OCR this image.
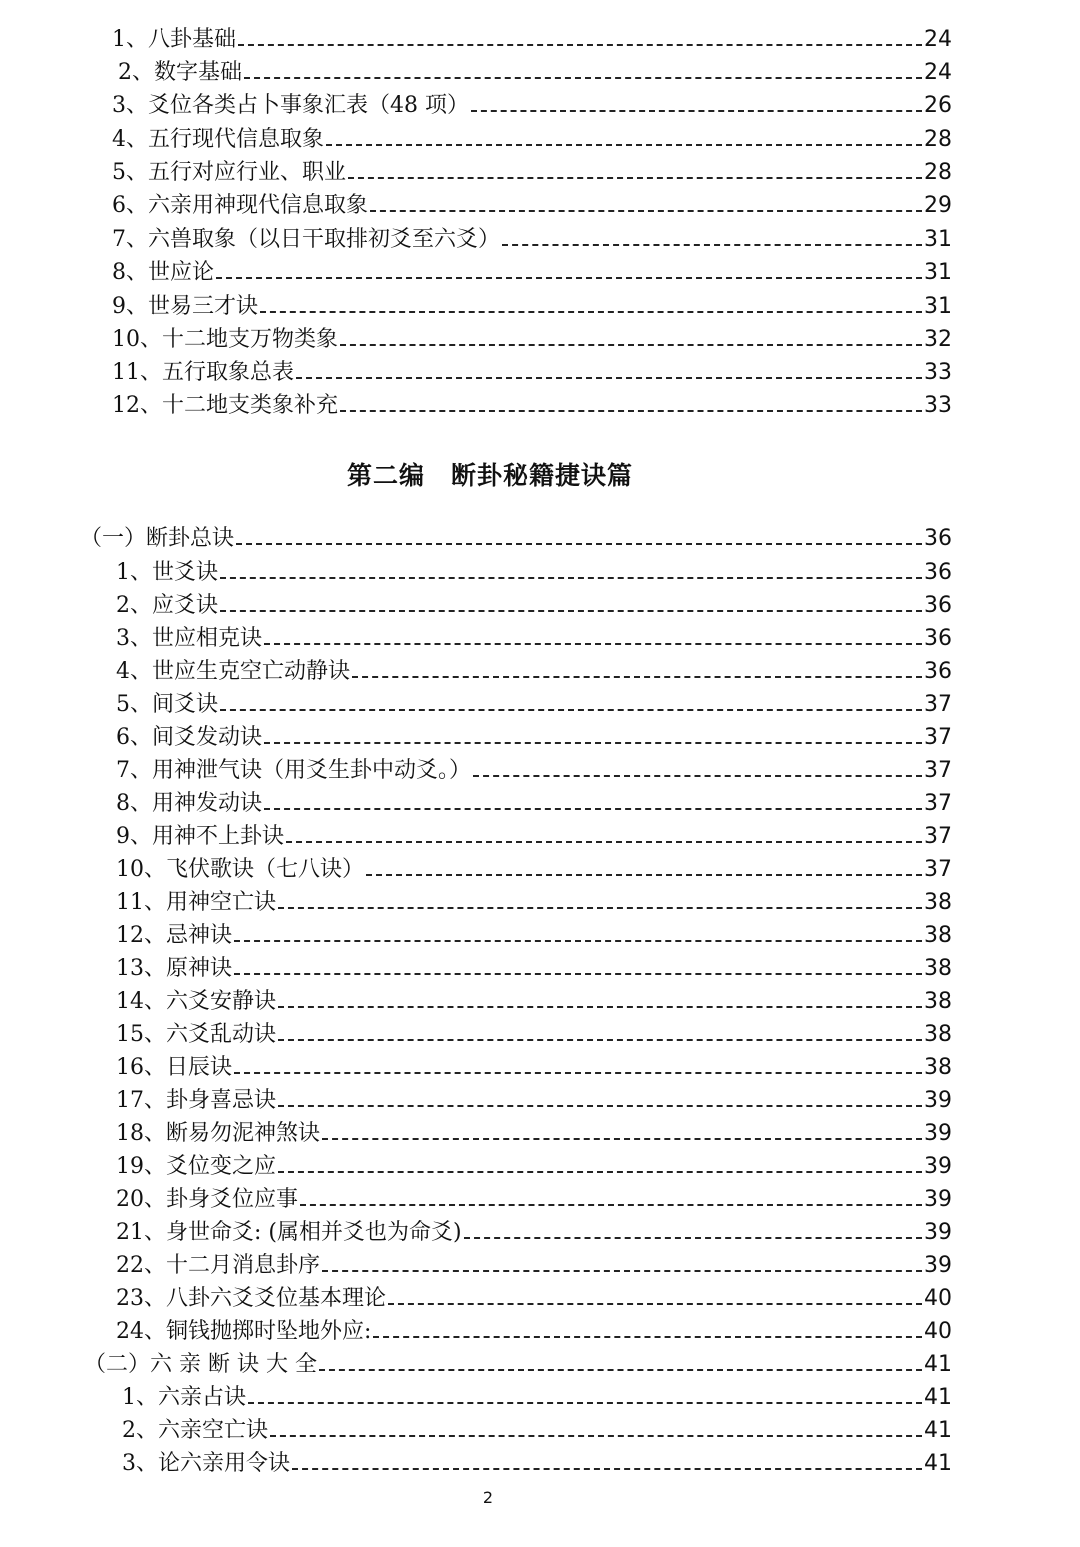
1、八卦基础	24
2、数字基础	24
3、爻位各类占卜事象汇表（48 项）	26
4、五行现代信息取象	28
5、五行对应行业、职业	28
6、六亲用神现代信息取象	29
7、六兽取象（以日干取排初爻至六爻）	31
8、世应论	31
9、世易三才诀	31
10、十二地支万物类象	32
11、五行取象总表	33
12、十二地支类象补充	33
第二编　断卦秘籍捷诀篇
（一）断卦总诀	36
1、世爻诀	36
2、应爻诀	36
3、世应相克诀	36
4、世应生克空亡动静诀	36
5、间爻诀	37
6、间爻发动诀	37
7、用神泄气诀（用爻生卦中动爻。）	37
8、用神发动诀	37
9、用神不上卦诀	37
10、飞伏歌诀（七八诀）	37
11、用神空亡诀	38
12、忌神诀	38
13、原神诀	38
14、六爻安静诀	38
15、六爻乱动诀	38
16、日辰诀	38
17、卦身喜忌诀	39
18、断易勿泥神煞诀	39
19、爻位变之应	39
20、卦身爻位应事	39
21、身世命爻: (属相并爻也为命爻)	39
22、十二月消息卦序	39
23、八卦六爻爻位基本理论	40
24、铜钱抛掷时坠地外应:	40
（二）六 亲 断 诀 大 全	41
1、六亲占诀	41
2、六亲空亡诀	41
3、论六亲用令诀	41
2
